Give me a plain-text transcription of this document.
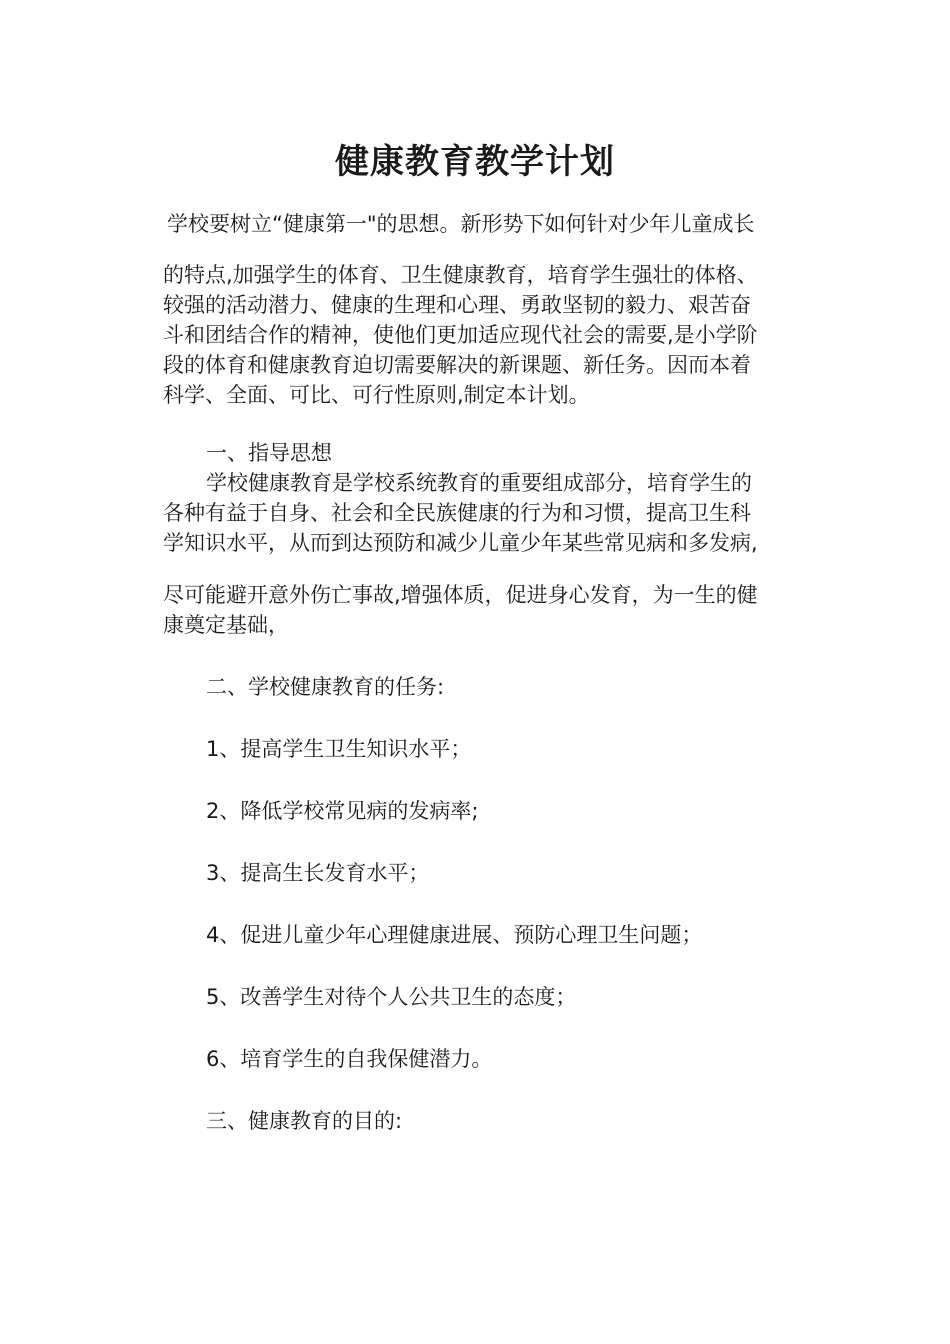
健康教育教学计划
学校要树立“健康第一"的思想。新形势下如何针对少年儿童成长
的特点,加强学生的体育、卫生健康教育，培育学生强壮的体格、
较强的活动潜力、健康的生理和心理、勇敢坚韧的毅力、艰苦奋
斗和团结合作的精神，使他们更加适应现代社会的需要,是小学阶
段的体育和健康教育迫切需要解决的新课题、新任务。因而本着
科学、全面、可比、可行性原则,制定本计划。
一、指导思想
学校健康教育是学校系统教育的重要组成部分，培育学生的
各种有益于自身、社会和全民族健康的行为和习惯，提高卫生科
学知识水平，从而到达预防和减少儿童少年某些常见病和多发病,
尽可能避开意外伤亡事故,增强体质，促进身心发育，为一生的健
康奠定基础，
二、学校健康教育的任务:
1、提高学生卫生知识水平；
2、降低学校常见病的发病率;
3、提高生长发育水平；
4、促进儿童少年心理健康进展、预防心理卫生问题；
5、改善学生对待个人公共卫生的态度；
6、培育学生的自我保健潜力。
三、健康教育的目的:
